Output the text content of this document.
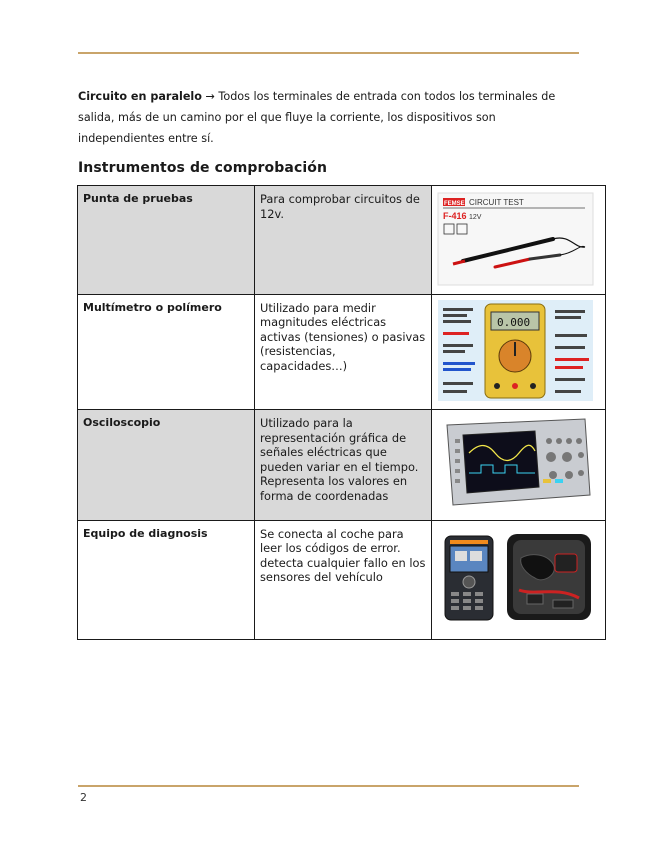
Circuito en paralelo → Todos los terminales de entrada con todos los terminales de salida, más de un camino por el que fluye la corriente, los dispositivos son independientes entre sí.

Instrumentos de comprobación
Punta de pruebas	Para comprobar circuitos de 12v.	FEMSE CIRCUIT TEST
F-416 12V

Multímetro o polímero	Utilizado para medir magnitudes eléctricas activas (tensiones) o pasivas (resistencias, capacidades…)	0.000

Osciloscopio	Utilizado para la representación gráfica de señales eléctricas que pueden variar en el tiempo. Representa los valores en forma de coordenadas	
Equipo de diagnosis	Se conecta al coche para leer los códigos de error. detecta cualquier fallo en los sensores del vehículo	
2
